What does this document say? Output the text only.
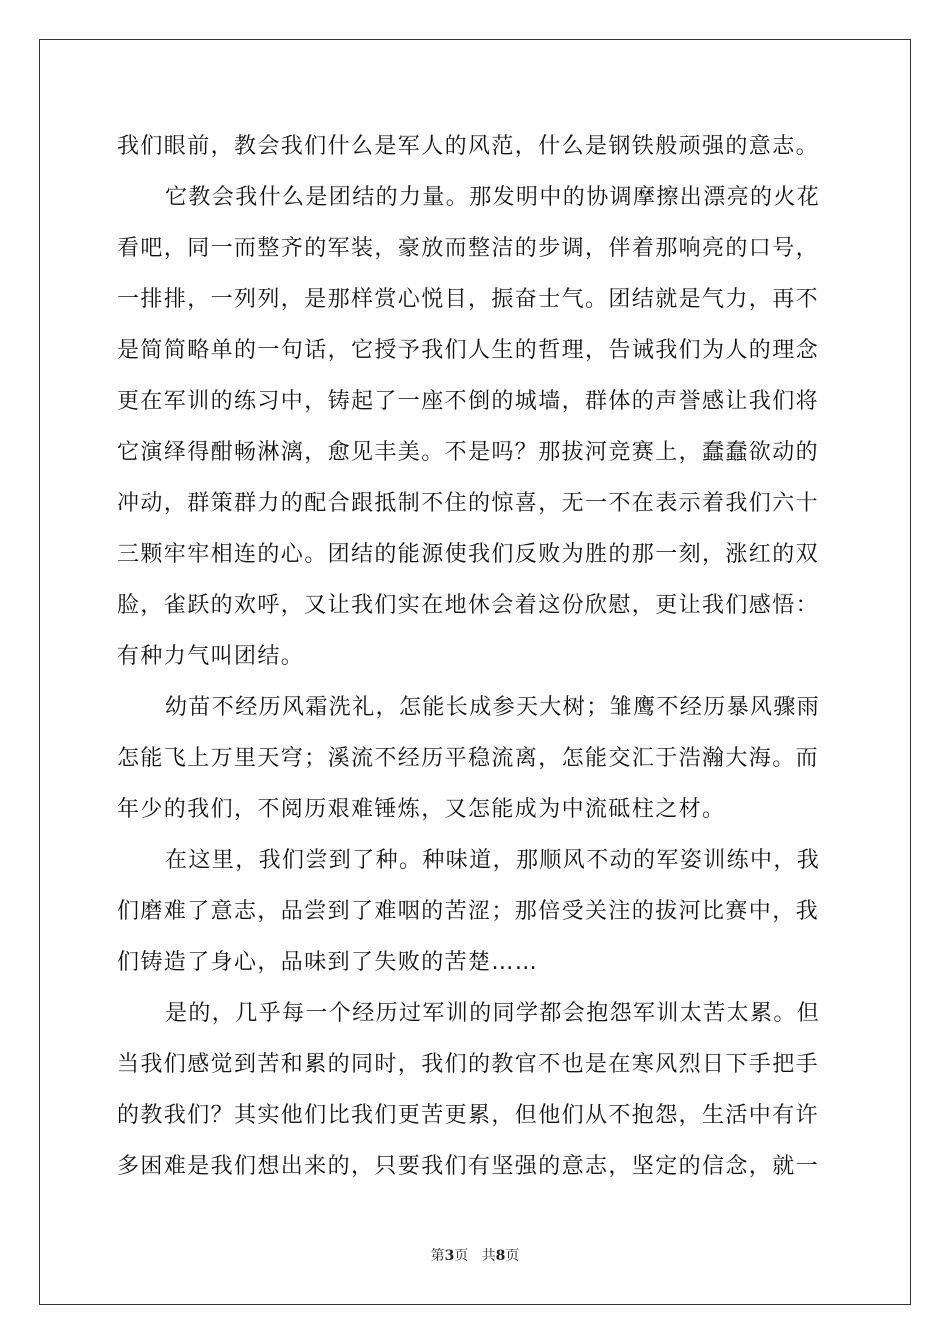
我们眼前，教会我们什么是军人的风范，什么是钢铁般顽强的意志。
它教会我什么是团结的力量。那发明中的协调摩擦出漂亮的火花
看吧，同一而整齐的军装，豪放而整洁的步调，伴着那响亮的口号，
一排排，一列列，是那样赏心悦目，振奋士气。团结就是气力，再不
是简简略单的一句话，它授予我们人生的哲理，告诫我们为人的理念
更在军训的练习中，铸起了一座不倒的城墙，群体的声誉感让我们将
它演绎得酣畅淋漓，愈见丰美。不是吗？那拔河竞赛上，蠢蠢欲动的
冲动，群策群力的配合跟抵制不住的惊喜，无一不在表示着我们六十
三颗牢牢相连的心。团结的能源使我们反败为胜的那一刻，涨红的双
脸，雀跃的欢呼，又让我们实在地休会着这份欣慰，更让我们感悟：
有种力气叫团结。
幼苗不经历风霜洗礼，怎能长成参天大树；雏鹰不经历暴风骤雨
怎能飞上万里天穹；溪流不经历平稳流离，怎能交汇于浩瀚大海。而
年少的我们，不阅历艰难锤炼，又怎能成为中流砥柱之材。
在这里，我们尝到了种。种味道，那顺风不动的军姿训练中，我
们磨难了意志，品尝到了难咽的苦涩；那倍受关注的拔河比赛中，我
们铸造了身心，品味到了失败的苦楚……
是的，几乎每一个经历过军训的同学都会抱怨军训太苦太累。但
当我们感觉到苦和累的同时，我们的教官不也是在寒风烈日下手把手
的教我们？其实他们比我们更苦更累，但他们从不抱怨，生活中有许
多困难是我们想出来的，只要我们有坚强的意志，坚定的信念，就一
第3页 共8页
